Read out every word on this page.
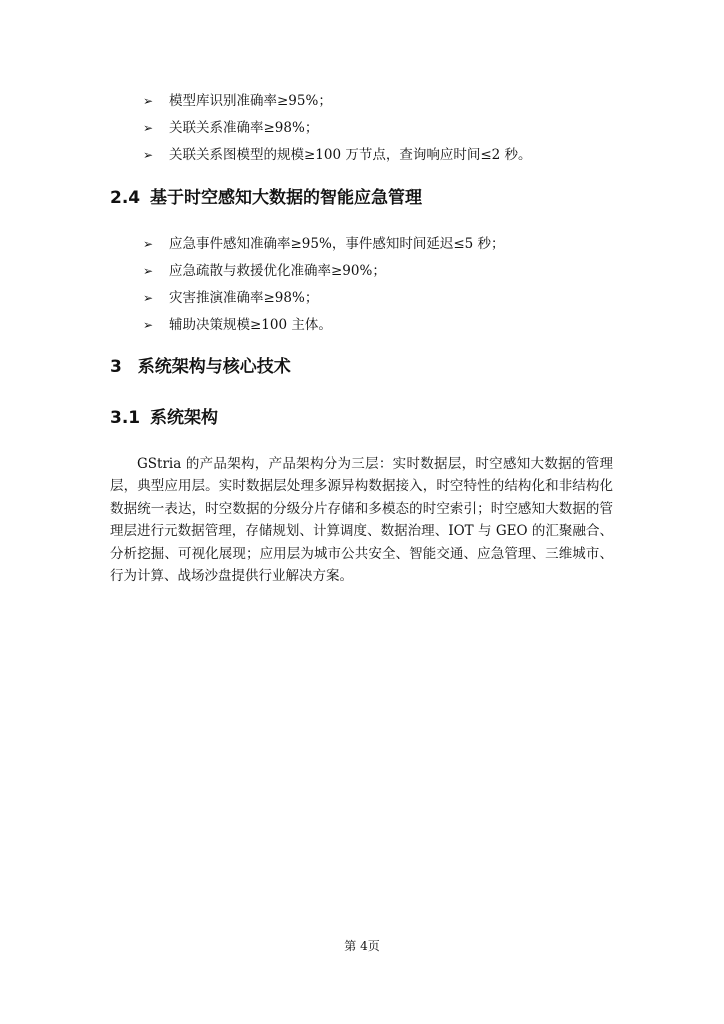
➢	模型库识别准确率≥95%；
➢	关联关系准确率≥98%；
➢	关联关系图模型的规模≥100 万节点，查询响应时间≤2 秒。
2.4 基于时空感知大数据的智能应急管理
➢	应急事件感知准确率≥95%，事件感知时间延迟≤5 秒；
➢	应急疏散与救援优化准确率≥90%；
➢	灾害推演准确率≥98%；
➢	辅助决策规模≥100 主体。
3 系统架构与核心技术
3.1 系统架构

GStria 的产品架构，产品架构分为三层：实时数据层，时空感知大数据的管理层，典型应用层。实时数据层处理多源异构数据接入，时空特性的结构化和非结构化数据统一表达，时空数据的分级分片存储和多模态的时空索引；时空感知大数据的管理层进行元数据管理，存储规划、计算调度、数据治理、IOT 与 GEO 的汇聚融合、分析挖掘、可视化展现；应用层为城市公共安全、智能交通、应急管理、三维城市、行为计算、战场沙盘提供行业解决方案。

第 4页
